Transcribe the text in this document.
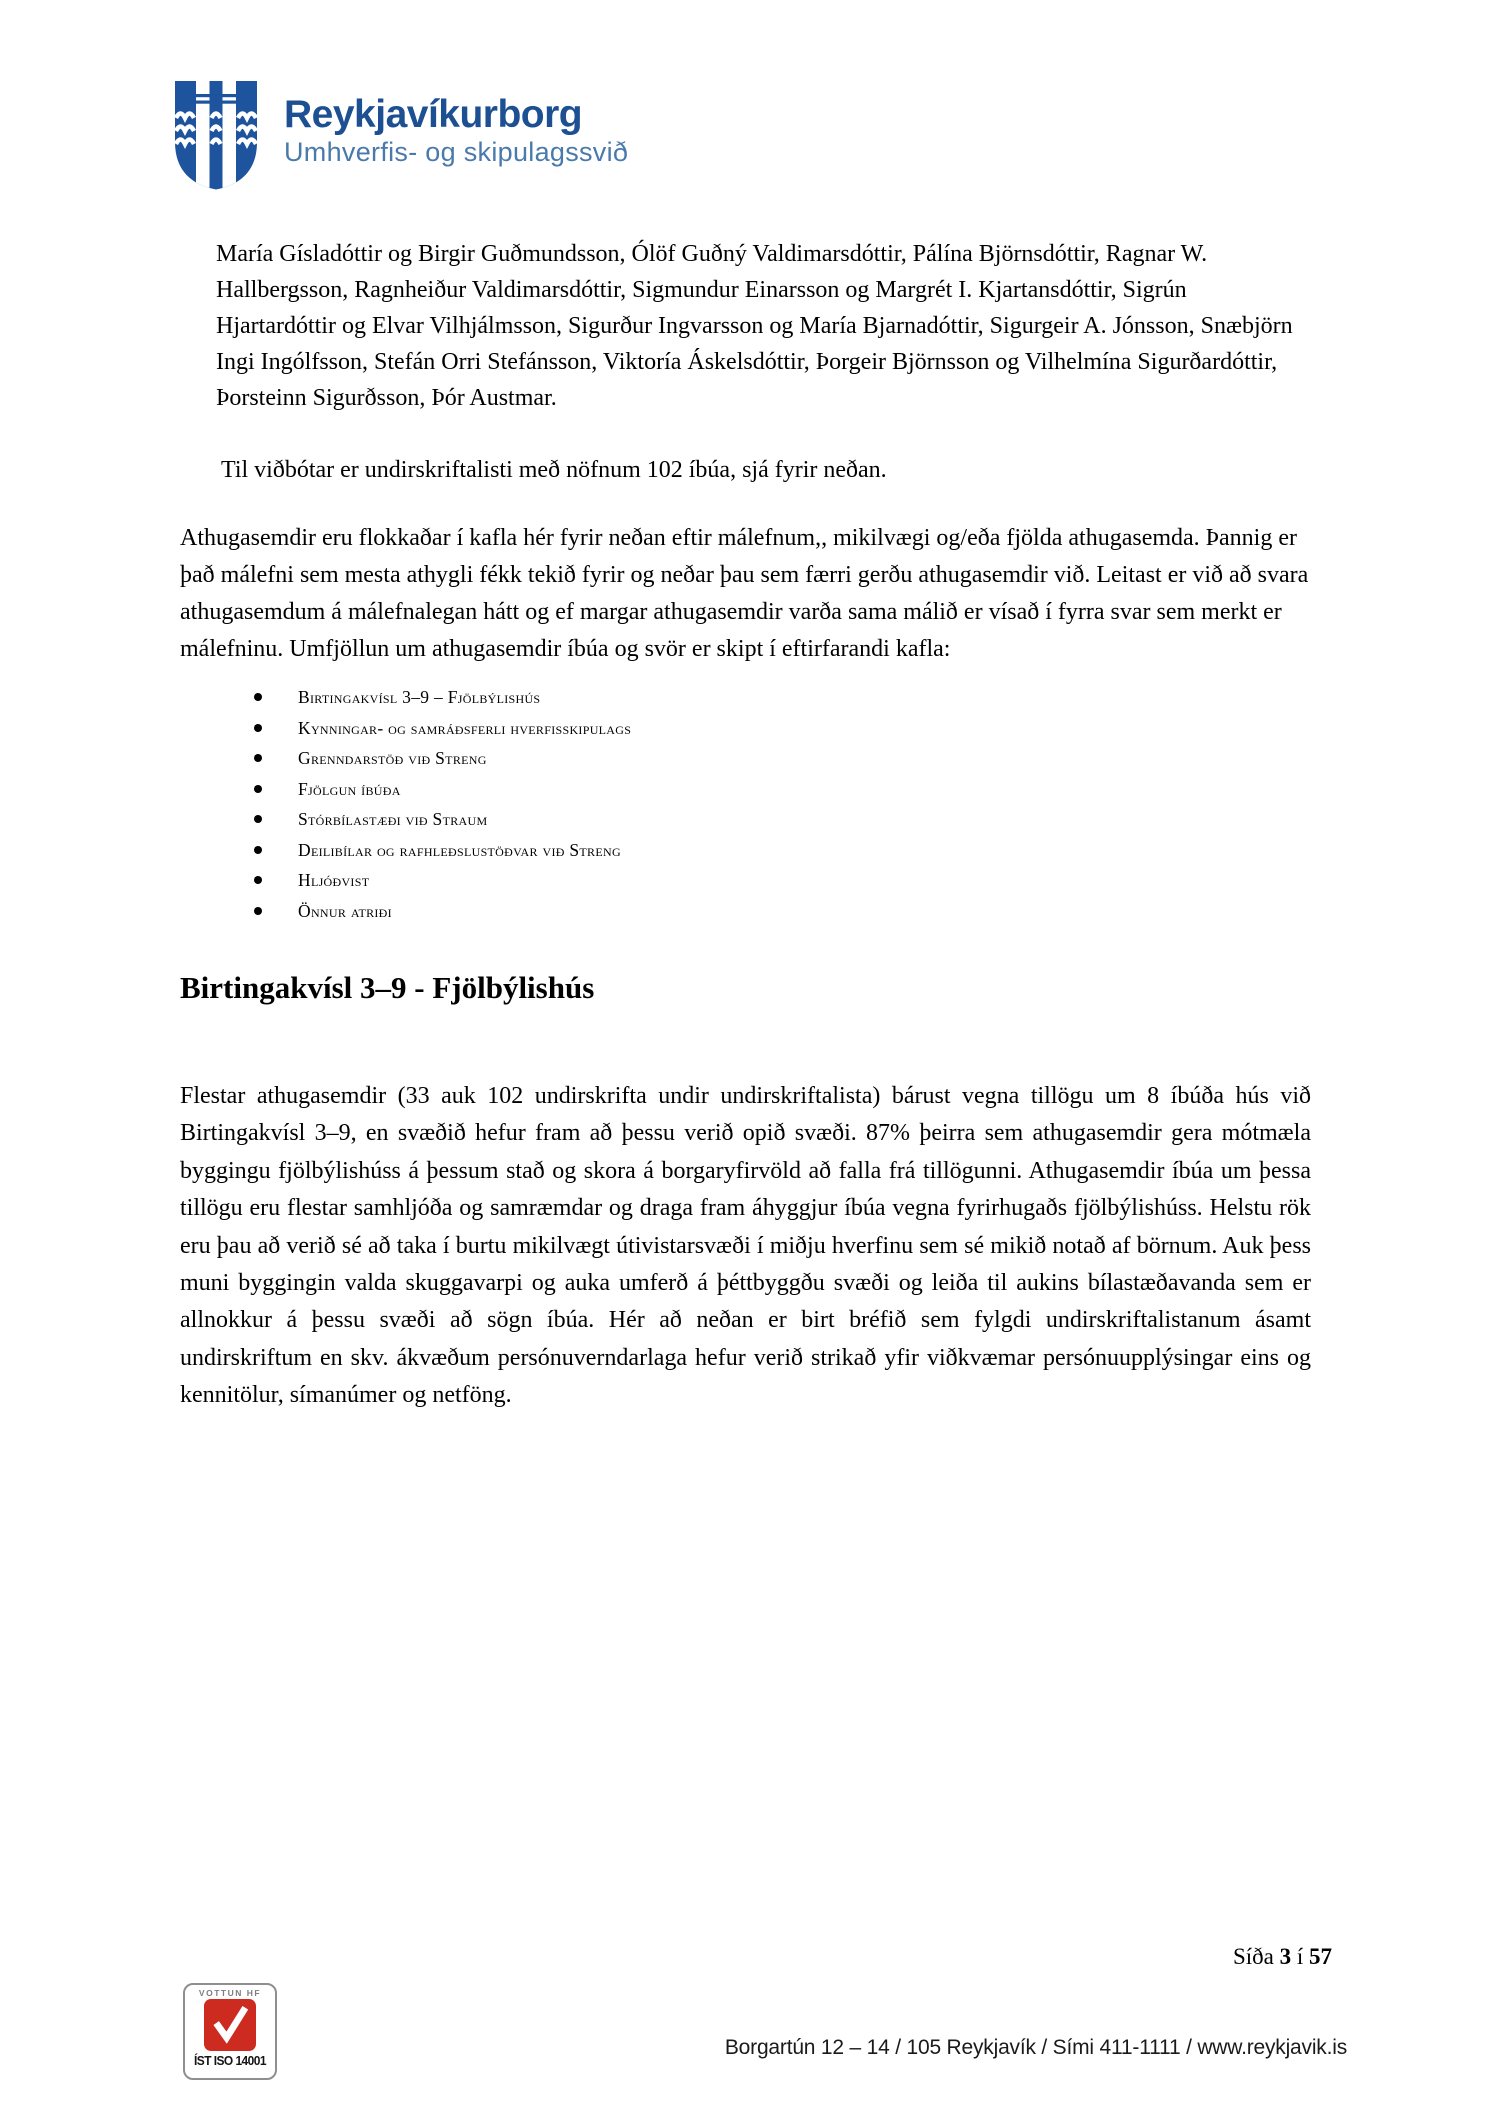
Reykjavíkurborg
Umhverfis- og skipulagssvið

María Gísladóttir og Birgir Guðmundsson, Ólöf Guðný Valdimarsdóttir, Pálína Björnsdóttir, Ragnar W. Hallbergsson, Ragnheiður Valdimarsdóttir, Sigmundur Einarsson og Margrét I. Kjartansdóttir, Sigrún Hjartardóttir og Elvar Vilhjálmsson, Sigurður Ingvarsson og María Bjarnadóttir, Sigurgeir A. Jónsson, Snæbjörn Ingi Ingólfsson, Stefán Orri Stefánsson, Viktoría Áskelsdóttir, Þorgeir Björnsson og Vilhelmína Sigurðardóttir, Þorsteinn Sigurðsson, Þór Austmar.

Til viðbótar er undirskriftalisti með nöfnum 102 íbúa, sjá fyrir neðan.

Athugasemdir eru flokkaðar í kafla hér fyrir neðan eftir málefnum,, mikilvægi og/eða fjölda athugasemda. Þannig er það málefni sem mesta athygli fékk tekið fyrir og neðar þau sem færri gerðu athugasemdir við. Leitast er við að svara athugasemdum á málefnalegan hátt og ef margar athugasemdir varða sama málið er vísað í fyrra svar sem merkt er málefninu. Umfjöllun um athugasemdir íbúa og svör er skipt í eftirfarandi kafla:

Birtingakvísl 3–9 – Fjölbýlishús
Kynningar- og samráðsferli hverfisskipulags
Grenndarstöð við Streng
Fjölgun íbúða
Stórbílastæði við Straum
Deilibílar og rafhleðslustöðvar við Streng
Hljóðvist
Önnur atriði
Birtingakvísl 3–9 - Fjölbýlishús

Flestar athugasemdir (33 auk 102 undirskrifta undir undirskriftalista) bárust vegna tillögu um 8 íbúða hús við Birtingakvísl 3–9, en svæðið hefur fram að þessu verið opið svæði. 87% þeirra sem athugasemdir gera mótmæla byggingu fjölbýlishúss á þessum stað og skora á borgaryfirvöld að falla frá tillögunni. Athugasemdir íbúa um þessa tillögu eru flestar samhljóða og samræmdar og draga fram áhyggjur íbúa vegna fyrirhugaðs fjölbýlishúss. Helstu rök eru þau að verið sé að taka í burtu mikilvægt útivistarsvæði í miðju hverfinu sem sé mikið notað af börnum. Auk þess muni byggingin valda skuggavarpi og auka umferð á þéttbyggðu svæði og leiða til aukins bílastæðavanda sem er allnokkur á þessu svæði að sögn íbúa. Hér að neðan er birt bréfið sem fylgdi undirskriftalistanum ásamt undirskriftum en skv. ákvæðum persónuverndarlaga hefur verið strikað yfir viðkvæmar persónuupplýsingar eins og kennitölur, símanúmer og netföng.

Síða 3 í 57
VOTTUN HF
ÍST ISO 14001
Borgartún 12 – 14 / 105 Reykjavík / Sími 411-1111 / www.reykjavik.is
